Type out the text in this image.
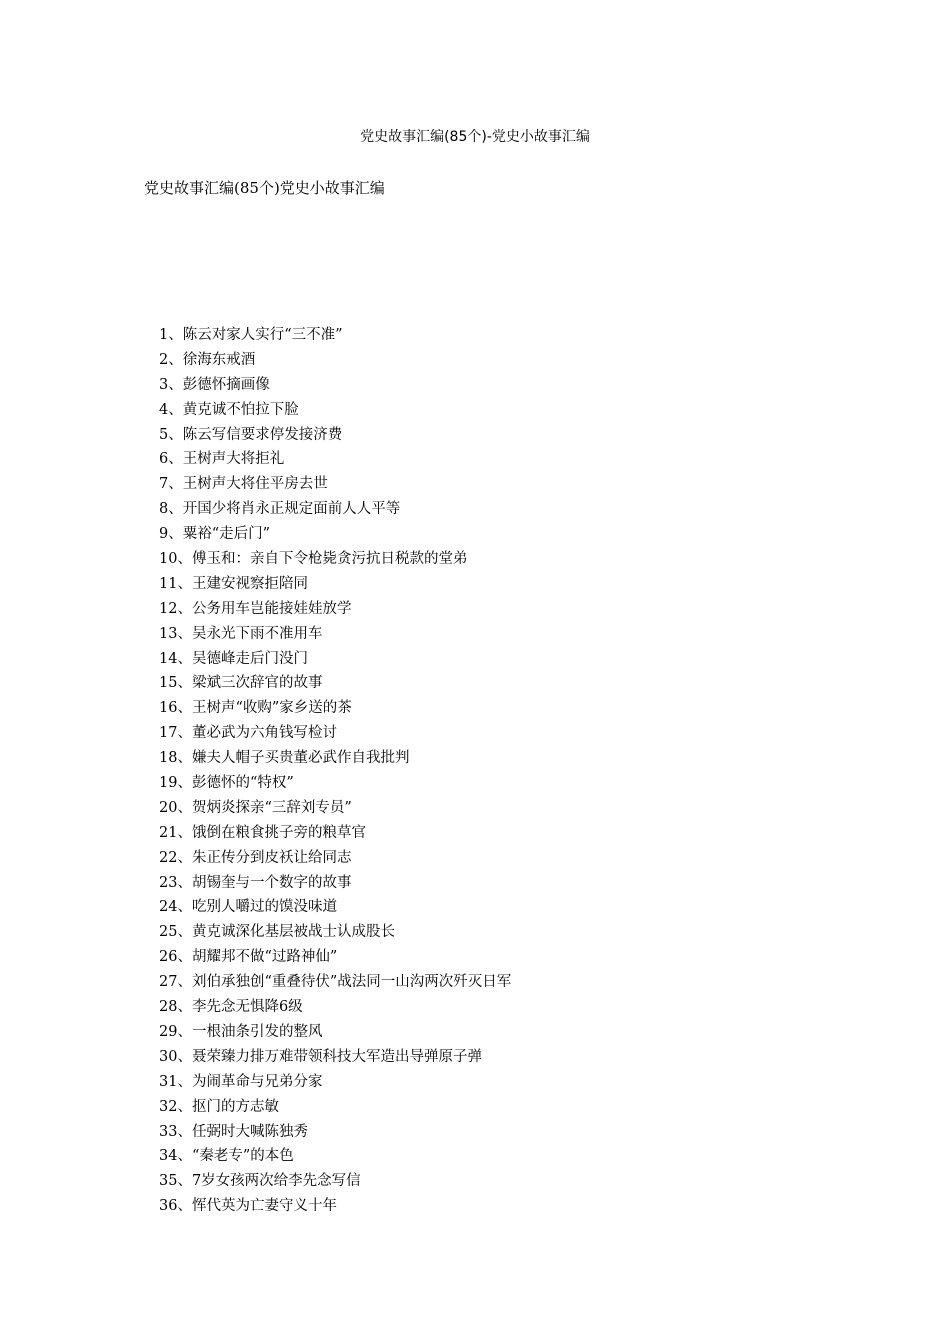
党史故事汇编(85个)-党史小故事汇编
党史故事汇编(85个)党史小故事汇编
1、陈云对家人实行“三不准”
2、徐海东戒酒
3、彭德怀摘画像
4、黄克诚不怕拉下脸
5、陈云写信要求停发接济费
6、王树声大将拒礼
7、王树声大将住平房去世
8、开国少将肖永正规定面前人人平等
9、粟裕“走后门”
10、傅玉和：亲自下令枪毙贪污抗日税款的堂弟
11、王建安视察拒陪同
12、公务用车岂能接娃娃放学
13、吴永光下雨不准用车
14、吴德峰走后门没门
15、梁斌三次辞官的故事
16、王树声“收购”家乡送的茶
17、董必武为六角钱写检讨
18、嫌夫人帽子买贵董必武作自我批判
19、彭德怀的“特权”
20、贺炳炎探亲“三辞刘专员”
21、饿倒在粮食挑子旁的粮草官
22、朱正传分到皮袄让给同志
23、胡锡奎与一个数字的故事
24、吃别人嚼过的馍没味道
25、黄克诚深化基层被战士认成股长
26、胡耀邦不做“过路神仙”
27、刘伯承独创“重叠待伏”战法同一山沟两次歼灭日军
28、李先念无惧降6级
29、一根油条引发的整风
30、聂荣臻力排万难带领科技大军造出导弹原子弹
31、为闹革命与兄弟分家
32、抠门的方志敏
33、任弼时大喊陈独秀
34、“秦老专”的本色
35、7岁女孩两次给李先念写信
36、恽代英为亡妻守义十年
